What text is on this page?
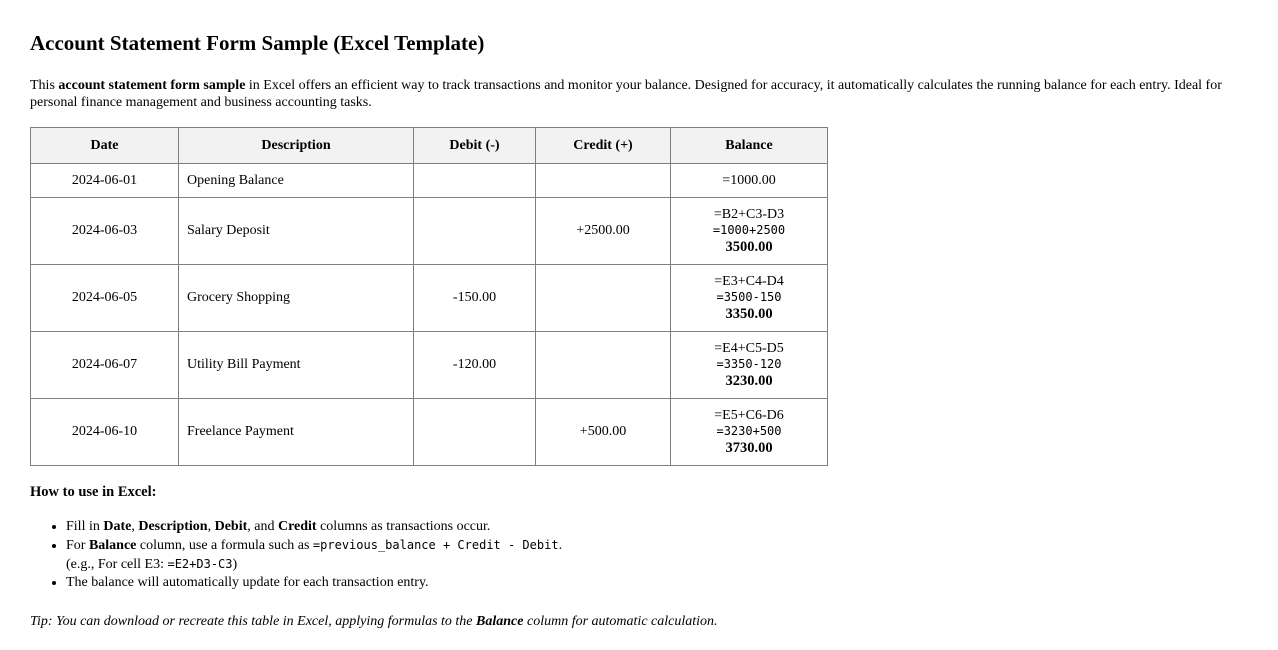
Account Statement Form Sample (Excel Template)

This account statement form sample in Excel offers an efficient way to track transactions and monitor your balance. Designed for accuracy, it automatically calculates the running balance for each entry. Ideal for personal finance management and business accounting tasks.

Date	Description	Debit (-)	Credit (+)	Balance
2024-06-01	Opening Balance			=1000.00

2024-06-03	Salary Deposit		+2500.00	=B2+C3-D3
=1000+2500
3500.00

2024-06-05	Grocery Shopping	-150.00		=E3+C4-D4
=3500-150
3350.00

2024-06-07	Utility Bill Payment	-120.00		=E4+C5-D5
=3350-120
3230.00

2024-06-10	Freelance Payment		+500.00	=E5+C6-D6
=3230+500
3730.00
How to use in Excel:
• Fill in Date, Description, Debit, and Credit columns as transactions occur.
• For Balance column, use a formula such as =previous_balance + Credit - Debit.
(e.g., For cell E3: =E2+D3-C3)
• The balance will automatically update for each transaction entry.

Tip: You can download or recreate this table in Excel, applying formulas to the Balance column for automatic calculation.
